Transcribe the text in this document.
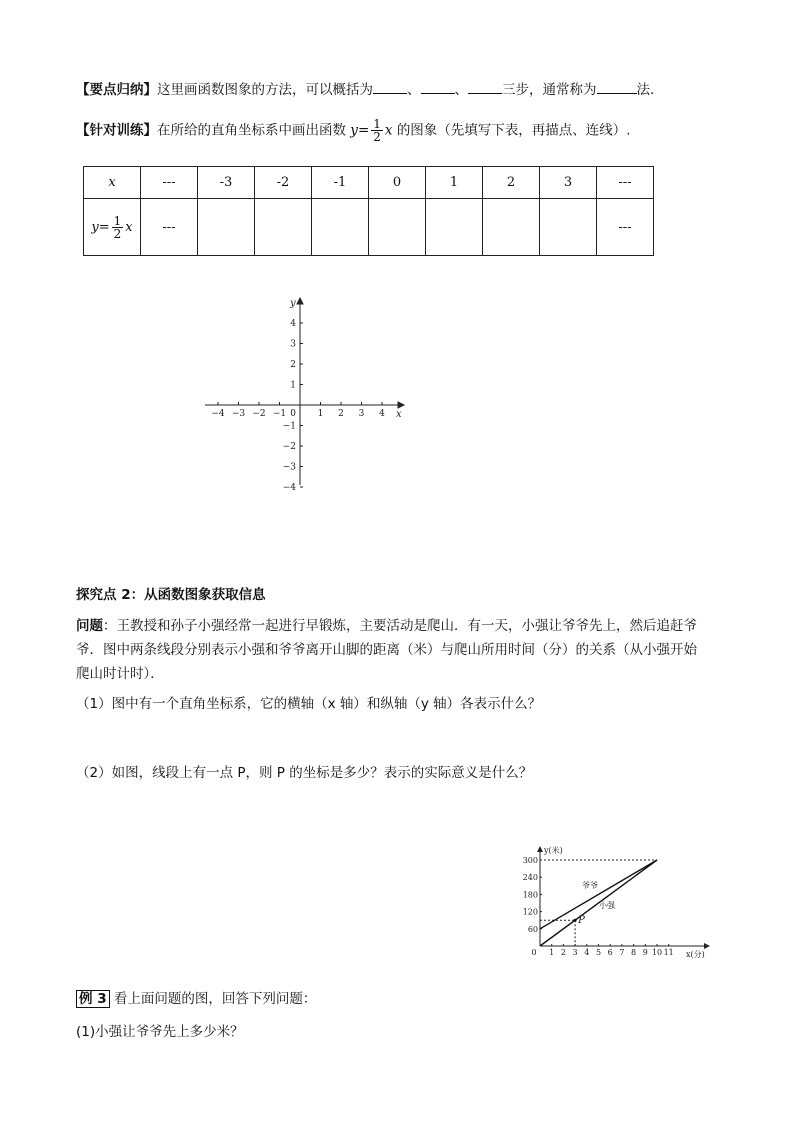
【要点归纳】这里画函数图象的方法，可以概括为	、	、	三步，通常称为	法．
【针对训练】在所给的直角坐标系中画出函数 $y= \frac{1}{2}$ x 的图象（先填写下表，再描点、连线）.
x	---	-3	-2	-1	0	1	2	3	---
$y= \frac{1}{2}$ x	---								---
−4 −3 −2 −1	1 2 3 4
4
3
2
1
−1
−2
−3
−4
0	x
y
探究点 2：从函数图象获取信息
问题：王教授和孙子小强经常一起进行早锻炼，主要活动是爬山．有一天，小强让爷爷先上，然后追赶爷
爷．图中两条线段分别表示小强和爷爷离开山脚的距离（米）与爬山所用时间（分）的关系（从小强开始
爬山时计时）．
（1）图中有一个直角坐标系，它的横轴（x 轴）和纵轴（y 轴）各表示什么？
（2）如图，线段上有一点 P，则 P 的坐标是多少？表示的实际意义是什么？
1 2 3 4 5 6 7 8 9 10 11
0
60
120
180
240
300
P
爷爷
小强
y(米)
x(分)
例 3 看上面问题的图，回答下列问题：
(1)小强让爷爷先上多少米？
